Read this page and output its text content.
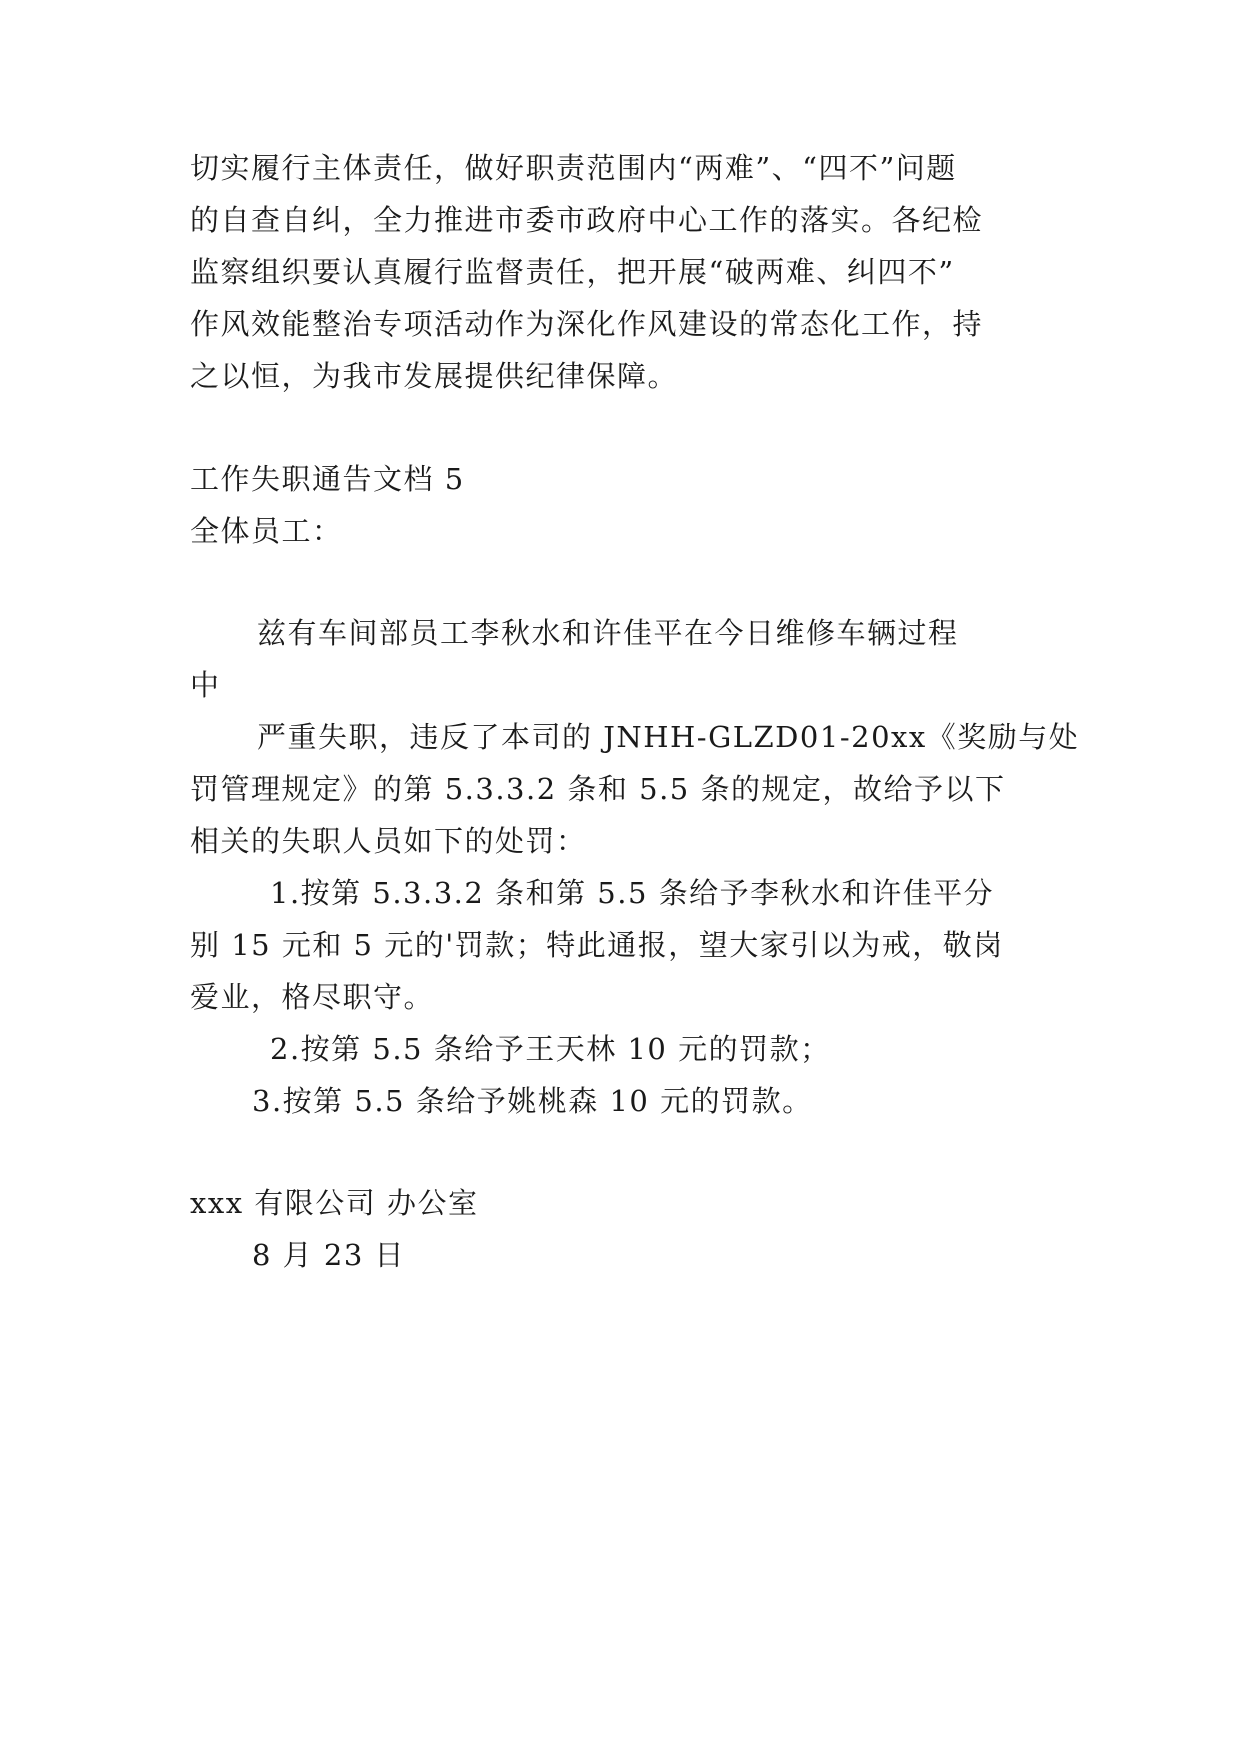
切实履行主体责任，做好职责范围内“两难”、“四不”问题
的自查自纠，全力推进市委市政府中心工作的落实。各纪检
监察组织要认真履行监督责任，把开展“破两难、纠四不”
作风效能整治专项活动作为深化作风建设的常态化工作，持
之以恒，为我市发展提供纪律保障。
工作失职通告文档 5
全体员工：
兹有车间部员工李秋水和许佳平在今日维修车辆过程
中
严重失职，违反了本司的 JNHH-GLZD01-20xx《奖励与处
罚管理规定》的第 5.3.3.2 条和 5.5 条的规定，故给予以下
相关的失职人员如下的处罚：
1.按第 5.3.3.2 条和第 5.5 条给予李秋水和许佳平分
别 15 元和 5 元的'罚款；特此通报，望大家引以为戒，敬岗
爱业，格尽职守。
2.按第 5.5 条给予王天林 10 元的罚款；
3.按第 5.5 条给予姚桃森 10 元的罚款。
xxx 有限公司 办公室
8 月 23 日
